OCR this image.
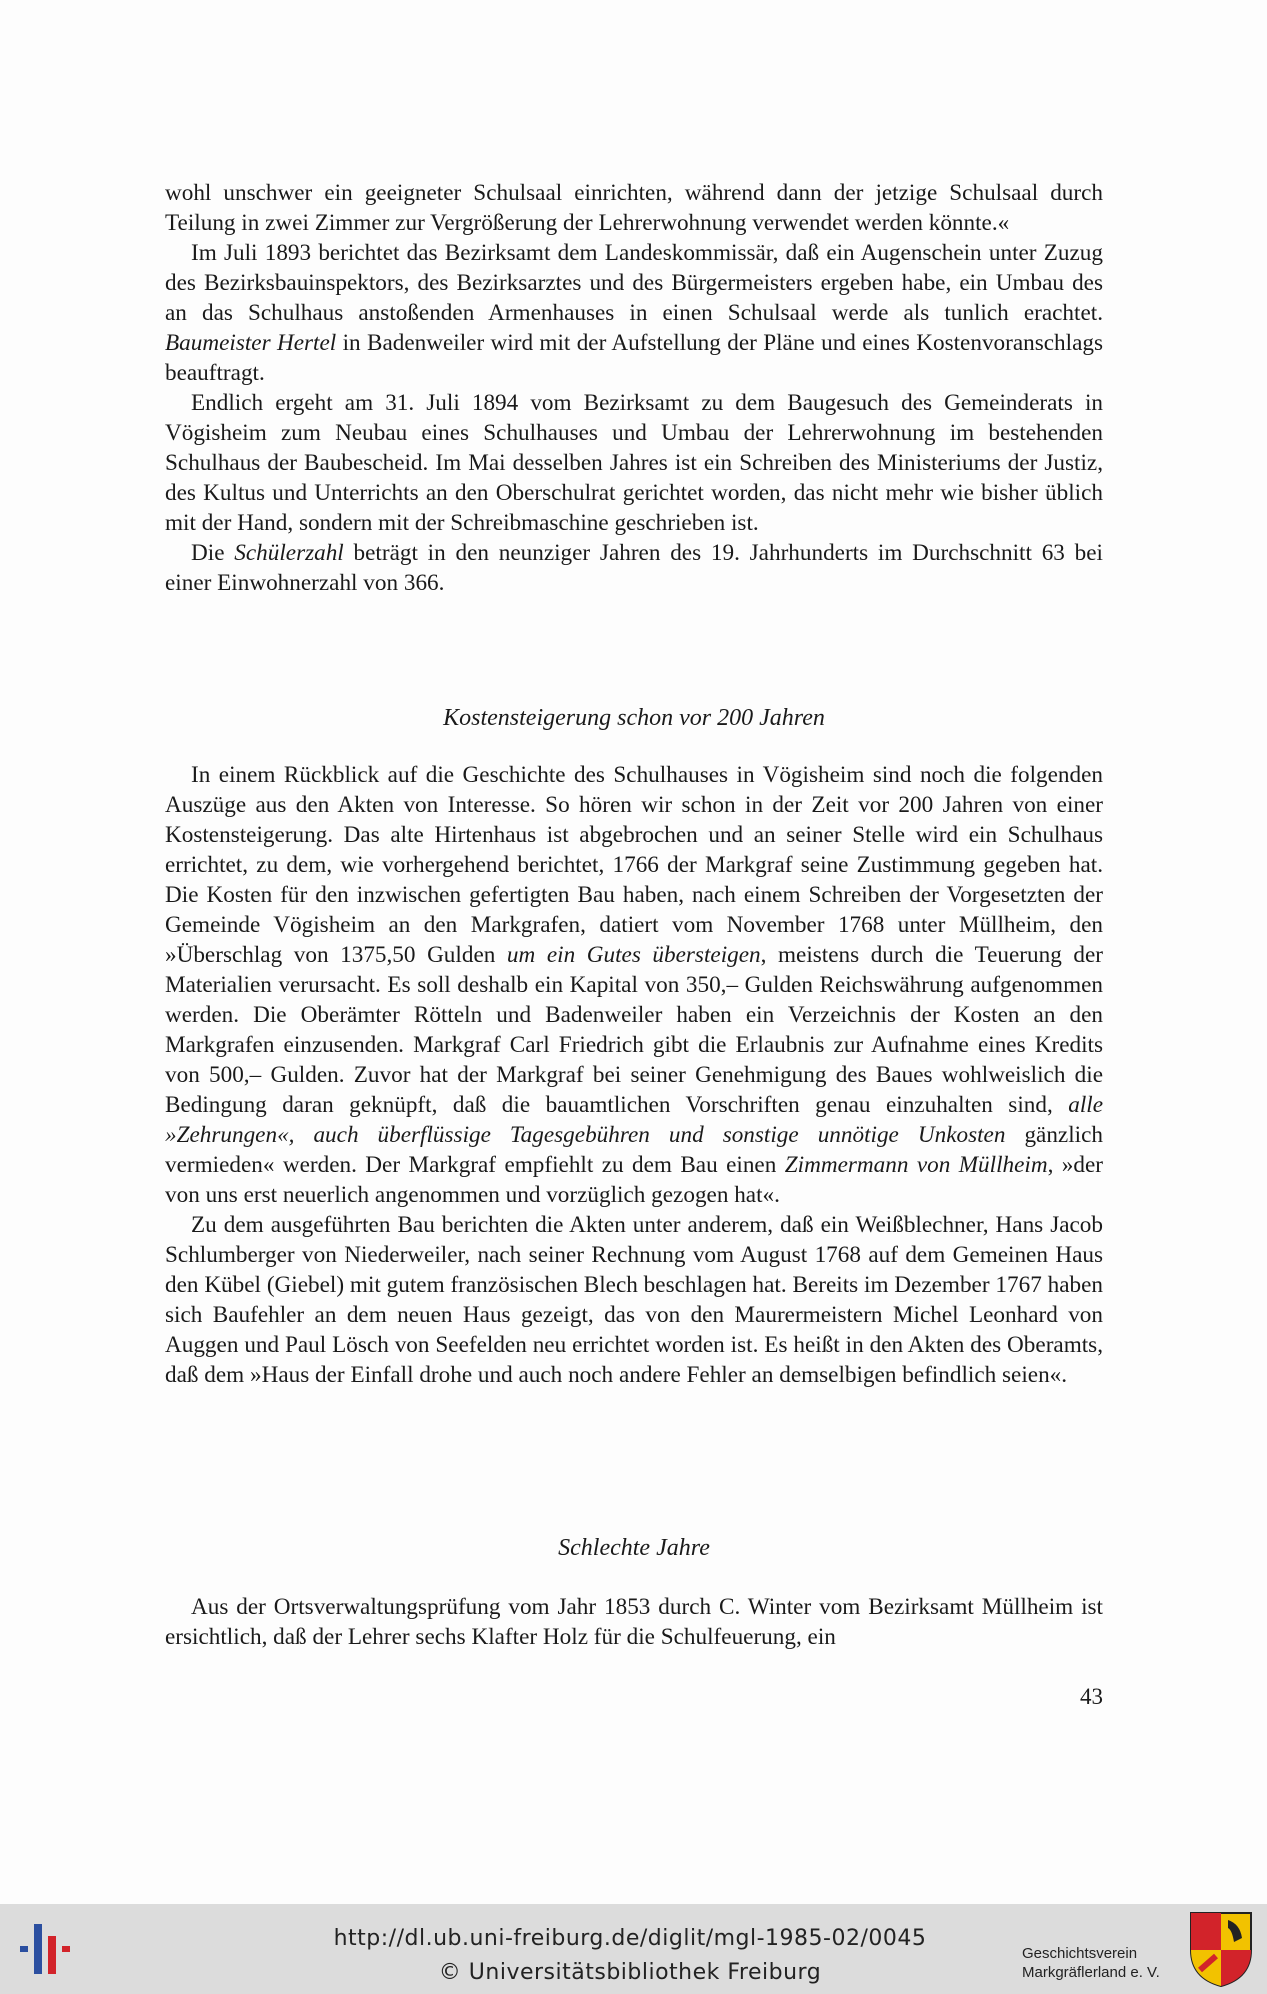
wohl unschwer ein geeigneter Schulsaal einrichten, während dann der jetzige Schulsaal durch Teilung in zwei Zimmer zur Vergrößerung der Lehrerwohnung verwendet werden könnte.«

Im Juli 1893 berichtet das Bezirksamt dem Landeskommissär, daß ein Augenschein unter Zuzug des Bezirksbauinspektors, des Bezirksarztes und des Bürgermeisters ergeben habe, ein Umbau des an das Schulhaus anstoßenden Armenhauses in einen Schulsaal werde als tunlich erachtet. Baumeister Hertel in Badenweiler wird mit der Aufstellung der Pläne und eines Kostenvoranschlags beauftragt.

Endlich ergeht am 31. Juli 1894 vom Bezirksamt zu dem Baugesuch des Gemeinderats in Vögisheim zum Neubau eines Schulhauses und Umbau der Lehrerwohnung im bestehenden Schulhaus der Baubescheid. Im Mai desselben Jahres ist ein Schreiben des Ministeriums der Justiz, des Kultus und Unterrichts an den Oberschulrat gerichtet worden, das nicht mehr wie bisher üblich mit der Hand, sondern mit der Schreibmaschine geschrieben ist.

Die Schülerzahl beträgt in den neunziger Jahren des 19. Jahrhunderts im Durchschnitt 63 bei einer Einwohnerzahl von 366.

Kostensteigerung schon vor 200 Jahren

In einem Rückblick auf die Geschichte des Schulhauses in Vögisheim sind noch die folgenden Auszüge aus den Akten von Interesse. So hören wir schon in der Zeit vor 200 Jahren von einer Kostensteigerung. Das alte Hirtenhaus ist abgebrochen und an seiner Stelle wird ein Schulhaus errichtet, zu dem, wie vorhergehend berichtet, 1766 der Markgraf seine Zustimmung gegeben hat. Die Kosten für den inzwischen gefertigten Bau haben, nach einem Schreiben der Vorgesetzten der Gemeinde Vögisheim an den Markgrafen, datiert vom November 1768 unter Müllheim, den »Überschlag von 1375,50 Gulden um ein Gutes übersteigen, meistens durch die Teuerung der Materialien verursacht. Es soll deshalb ein Kapital von 350,– Gulden Reichswährung aufgenommen werden. Die Oberämter Rötteln und Badenweiler haben ein Verzeichnis der Kosten an den Markgrafen einzusenden. Markgraf Carl Friedrich gibt die Erlaubnis zur Aufnahme eines Kredits von 500,– Gulden. Zuvor hat der Markgraf bei seiner Genehmigung des Baues wohlweislich die Bedingung daran geknüpft, daß die bauamtlichen Vorschriften genau einzuhalten sind, alle »Zehrungen«, auch überflüssige Tagesgebühren und sonstige unnötige Unkosten gänzlich vermieden« werden. Der Markgraf empfiehlt zu dem Bau einen Zimmermann von Müllheim, »der von uns erst neuerlich angenommen und vorzüglich gezogen hat«.

Zu dem ausgeführten Bau berichten die Akten unter anderem, daß ein Weißblechner, Hans Jacob Schlumberger von Niederweiler, nach seiner Rechnung vom August 1768 auf dem Gemeinen Haus den Kübel (Giebel) mit gutem französischen Blech beschlagen hat. Bereits im Dezember 1767 haben sich Baufehler an dem neuen Haus gezeigt, das von den Maurermeistern Michel Leonhard von Auggen und Paul Lösch von Seefelden neu errichtet worden ist. Es heißt in den Akten des Oberamts, daß dem »Haus der Einfall drohe und auch noch andere Fehler an demselbigen befindlich seien«.

Schlechte Jahre

Aus der Ortsverwaltungsprüfung vom Jahr 1853 durch C. Winter vom Bezirksamt Müllheim ist ersichtlich, daß der Lehrer sechs Klafter Holz für die Schulfeuerung, ein

43
http://dl.ub.uni-freiburg.de/diglit/mgl-1985-02/0045
© Universitätsbibliothek Freiburg
Geschichtsverein
Markgräflerland e. V.
